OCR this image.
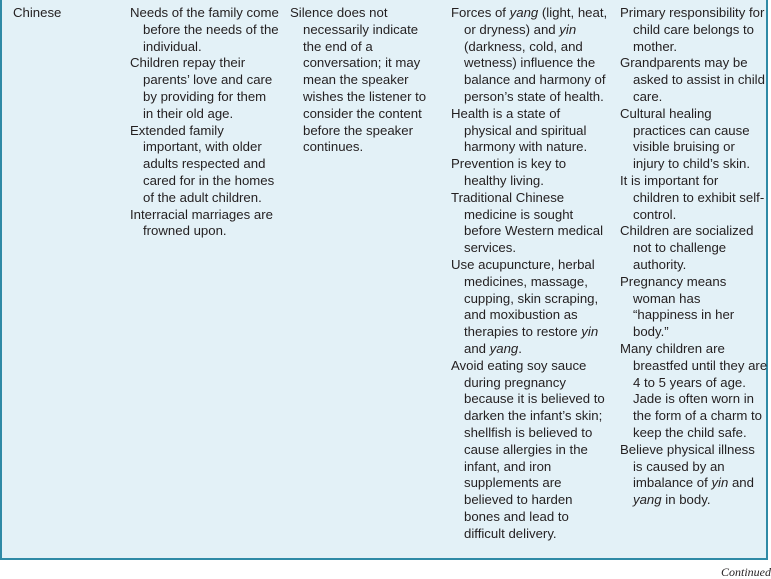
Chinese	Needs of the family come before the needs of the individual.
Children repay their parents’ love and care by providing for them in their old age.
Extended family important, with older adults respected and cared for in the homes of the adult children.
Interracial marriages are frowned upon.
Silence does not necessarily indicate the end of a conversation; it may mean the speaker wishes the listener to consider the content before the speaker continues.
Forces of yang (light, heat, or dryness) and yin (darkness, cold, and wetness) influence the balance and harmony of person’s state of health.
Health is a state of physical and spiritual harmony with nature.
Prevention is key to healthy living.
Traditional Chinese medicine is sought before Western medical services.
Use acupuncture, herbal medicines, massage, cupping, skin scraping, and moxibustion as therapies to restore yin and yang.
Avoid eating soy sauce during pregnancy because it is believed to darken the infant’s skin; shellfish is believed to cause allergies in the infant, and iron supplements are believed to harden bones and lead to difficult delivery.
Primary responsibility for child care belongs to mother.
Grandparents may be asked to assist in child care.
Cultural healing practices can cause visible bruising or injury to child’s skin.
It is important for children to exhibit self-control.
Children are socialized not to challenge authority.
Pregnancy means woman has “happiness in her body.”
Many children are breastfed until they are 4 to 5 years of age. Jade is often worn in the form of a charm to keep the child safe.
Believe physical illness is caused by an imbalance of yin and yang in body.
Continued
